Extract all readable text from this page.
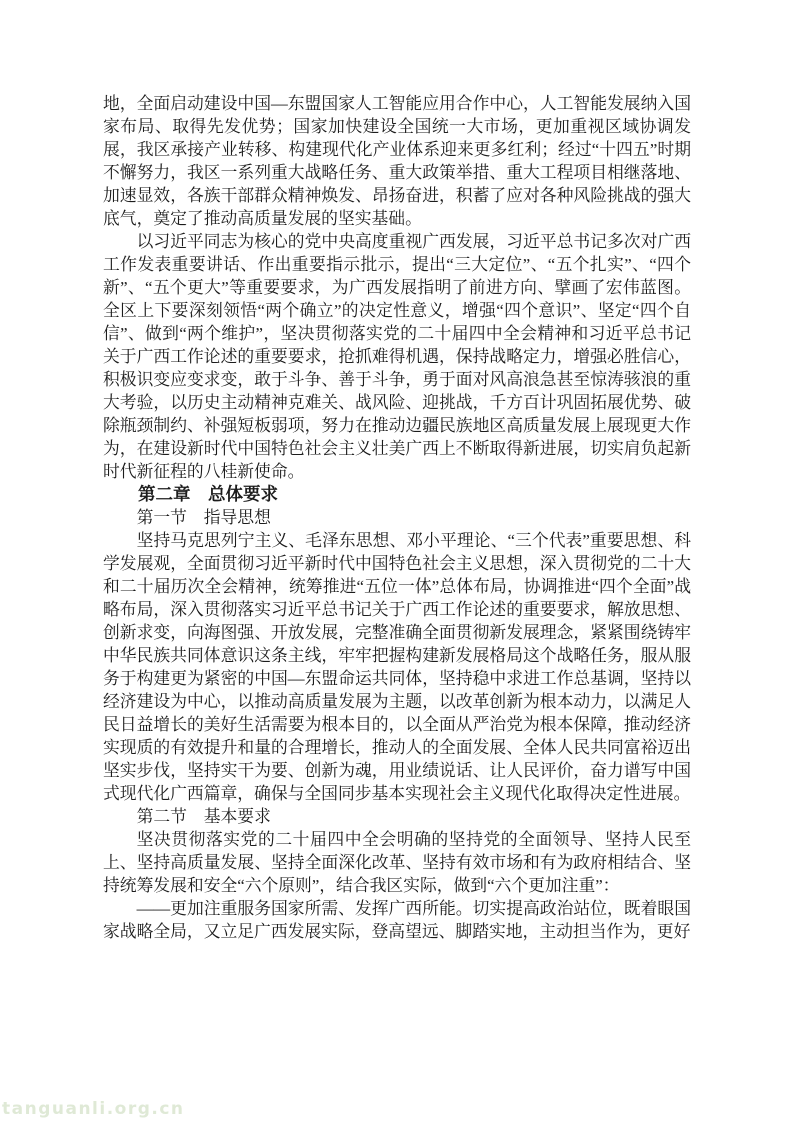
地，全面启动建设中国—东盟国家人工智能应用合作中心，人工智能发展纳入国家布局、取得先发优势；国家加快建设全国统一大市场，更加重视区域协调发展，我区承接产业转移、构建现代化产业体系迎来更多红利；经过“十四五”时期不懈努力，我区一系列重大战略任务、重大政策举措、重大工程项目相继落地、加速显效，各族干部群众精神焕发、昂扬奋进，积蓄了应对各种风险挑战的强大底气，奠定了推动高质量发展的坚实基础。

以习近平同志为核心的党中央高度重视广西发展，习近平总书记多次对广西工作发表重要讲话、作出重要指示批示，提出“三大定位”、“五个扎实”、“四个新”、“五个更大”等重要要求，为广西发展指明了前进方向、擘画了宏伟蓝图。全区上下要深刻领悟“两个确立”的决定性意义，增强“四个意识”、坚定“四个自信”、做到“两个维护”，坚决贯彻落实党的二十届四中全会精神和习近平总书记关于广西工作论述的重要要求，抢抓难得机遇，保持战略定力，增强必胜信心，积极识变应变求变，敢于斗争、善于斗争，勇于面对风高浪急甚至惊涛骇浪的重大考验，以历史主动精神克难关、战风险、迎挑战，千方百计巩固拓展优势、破除瓶颈制约、补强短板弱项，努力在推动边疆民族地区高质量发展上展现更大作为，在建设新时代中国特色社会主义壮美广西上不断取得新进展，切实肩负起新时代新征程的八桂新使命。

第二章　总体要求

第一节　指导思想

坚持马克思列宁主义、毛泽东思想、邓小平理论、“三个代表”重要思想、科学发展观，全面贯彻习近平新时代中国特色社会主义思想，深入贯彻党的二十大和二十届历次全会精神，统筹推进“五位一体”总体布局，协调推进“四个全面”战略布局，深入贯彻落实习近平总书记关于广西工作论述的重要要求，解放思想、创新求变，向海图强、开放发展，完整准确全面贯彻新发展理念，紧紧围绕铸牢中华民族共同体意识这条主线，牢牢把握构建新发展格局这个战略任务，服从服务于构建更为紧密的中国—东盟命运共同体，坚持稳中求进工作总基调，坚持以经济建设为中心，以推动高质量发展为主题，以改革创新为根本动力，以满足人民日益增长的美好生活需要为根本目的，以全面从严治党为根本保障，推动经济实现质的有效提升和量的合理增长，推动人的全面发展、全体人民共同富裕迈出坚实步伐，坚持实干为要、创新为魂，用业绩说话、让人民评价，奋力谱写中国式现代化广西篇章，确保与全国同步基本实现社会主义现代化取得决定性进展。

第二节　基本要求

坚决贯彻落实党的二十届四中全会明确的坚持党的全面领导、坚持人民至上、坚持高质量发展、坚持全面深化改革、坚持有效市场和有为政府相结合、坚持统筹发展和安全“六个原则”，结合我区实际，做到“六个更加注重”：

——更加注重服务国家所需、发挥广西所能。切实提高政治站位，既着眼国家战略全局，又立足广西发展实际，登高望远、脚踏实地，主动担当作为，更好

tanguanli.org.cn
